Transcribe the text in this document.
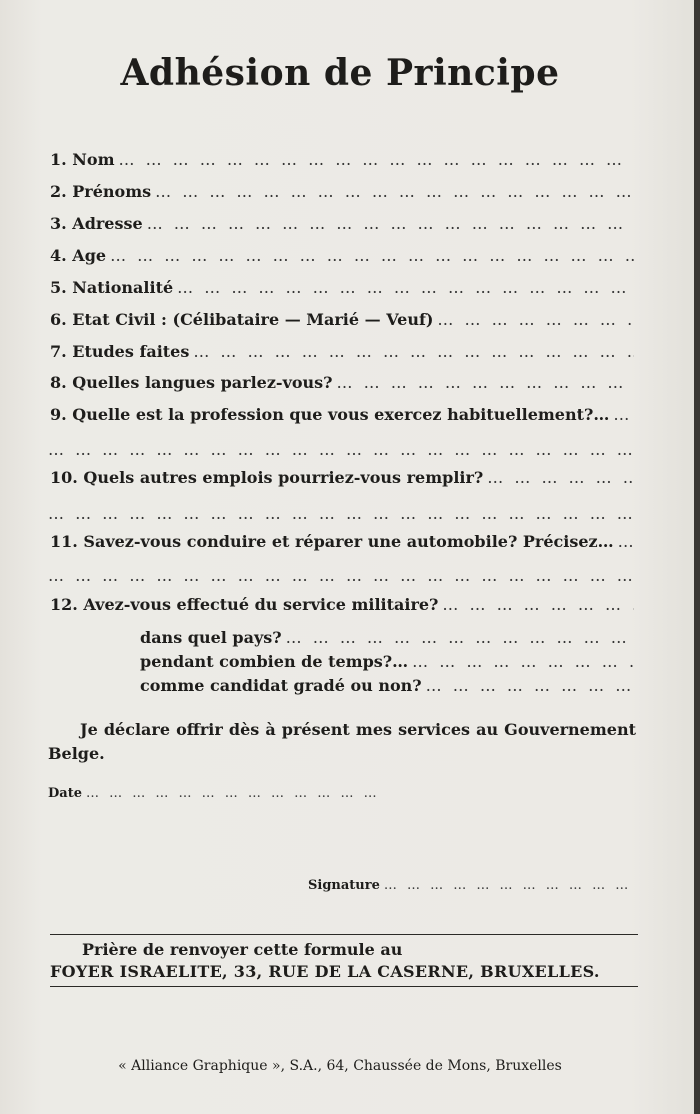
Adhésion de Principe
1. Nom
… … … … … … … … … … … … … … … … … … … … … … … … … … … … … …
2. Prénoms
… … … … … … … … … … … … … … … … … … … … … … … … … … … … … …
3. Adresse
… … … … … … … … … … … … … … … … … … … … … … … … … … … … … …
4. Age
… … … … … … … … … … … … … … … … … … … … … … … … … … … … … …
5. Nationalité
… … … … … … … … … … … … … … … … … … … … … … … … … … … … … …
6. Etat Civil : (Célibataire — Marié — Veuf)
… … … … … … … … … … … … … … … … … … … … … … … … … … … … … …
7. Etudes faites
… … … … … … … … … … … … … … … … … … … … … … … … … … … … … …
8. Quelles langues parlez-vous?
… … … … … … … … … … … … … … … … … … … … … … … … … … … … … …
9. Quelle est la profession que vous exercez habituellement?…
… … … … … … … … … … … … … … … … … … … … … … … … … … … … … …
… … … … … … … … … … … … … … … … … … … … … … … … … … … … … …
10. Quels autres emplois pourriez-vous remplir?
… … … … … … … … … … … … … … … … … … … … … … … … … … … … … …
… … … … … … … … … … … … … … … … … … … … … … … … … … … … … …
11. Savez-vous conduire et réparer une automobile? Précisez…
… … … … … … … … … … … … … … … … … … … … … … … … … … … … … …
… … … … … … … … … … … … … … … … … … … … … … … … … … … … … …
12. Avez-vous effectué du service militaire?
… … … … … … … … … … … … … … … … … … … … … … … … … … … … … …
dans quel pays?
… … … … … … … … … … … … … … … … … … … … … … … … … … … … … …
pendant combien de temps?…
… … … … … … … … … … … … … … … … … … … … … … … … … … … … … …
comme candidat gradé ou non?
… … … … … … … … … … … … … … … … … … … … … … … … … … … … … …
Je déclare offrir dès à présent mes services au Gouvernement Belge.
Date
… … … … … … … … … … … … … … … … … … … … … … … … … … … … … …
Signature
… … … … … … … … … … … … … … … … … … … … … … … … … … … … … …
Prière de renvoyer cette formule au
FOYER ISRAELITE, 33, RUE DE LA CASERNE, BRUXELLES.
« Alliance Graphique », S.A., 64, Chaussée de Mons, Bruxelles
